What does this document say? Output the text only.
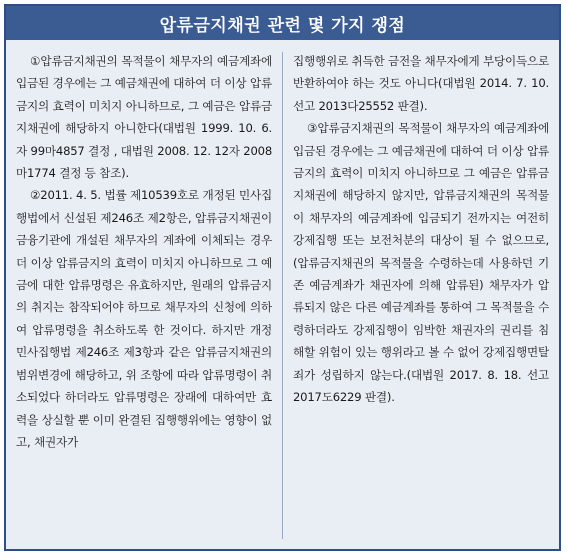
압류금지채권 관련 몇 가지 쟁점

①압류금지채권의 목적물이 채무자의 예금계좌에 입금된 경우에는 그 예금채권에 대하여 더 이상 압류금지의 효력이 미치지 아니하므로, 그 예금은 압류금지채권에 해당하지 아니한다(대법원 1999. 10. 6.자 99마4857 결정 , 대법원 2008. 12. 12자 2008마1774 결정 등 참조).

②2011. 4. 5. 법률 제10539호로 개정된 민사집행법에서 신설된 제246조 제2항은, 압류금지채권이 금융기관에 개설된 채무자의 계좌에 이체되는 경우 더 이상 압류금지의 효력이 미치지 아니하므로 그 예금에 대한 압류명령은 유효하지만, 원래의 압류금지의 취지는 참작되어야 하므로 채무자의 신청에 의하여 압류명령을 취소하도록 한 것이다. 하지만 개정 민사집행법 제246조 제3항과 같은 압류금지채권의 범위변경에 해당하고, 위 조항에 따라 압류명령이 취소되었다 하더라도 압류명령은 장래에 대하여만 효력을 상실할 뿐 이미 완결된 집행행위에는 영향이 없고, 채권자가

집행행위로 취득한 금전을 채무자에게 부당이득으로 반환하여야 하는 것도 아니다(대법원 2014. 7. 10. 선고 2013다25552 판결).

③압류금지채권의 목적물이 채무자의 예금계좌에 입금된 경우에는 그 예금채권에 대하여 더 이상 압류금지의 효력이 미치지 아니하므로 그 예금은 압류금지채권에 해당하지 않지만, 압류금지채권의 목적물이 채무자의 예금계좌에 입금되기 전까지는 여전히 강제집행 또는 보전처분의 대상이 될 수 없으므로, (압류금지채권의 목적물을 수령하는데 사용하던 기존 예금계좌가 채권자에 의해 압류된) 채무자가 압류되지 않은 다른 예금계좌를 통하여 그 목적물을 수령하더라도 강제집행이 임박한 채권자의 권리를 침해할 위험이 있는 행위라고 볼 수 없어 강제집행면탈죄가 성립하지 않는다.(대법원 2017. 8. 18. 선고 2017도6229 판결).
